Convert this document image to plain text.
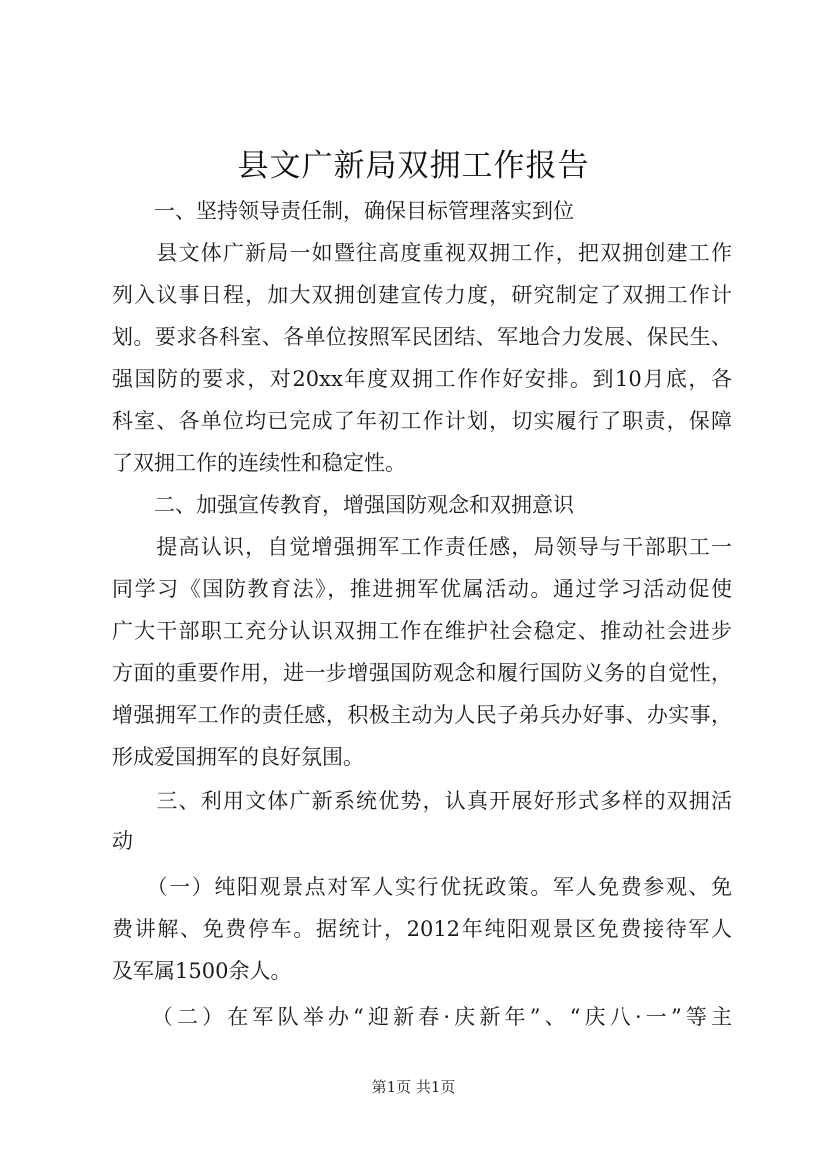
县文广新局双拥工作报告
　　一、坚持领导责任制，确保目标管理落实到位
　　县文体广新局一如暨往高度重视双拥工作，把双拥创建工作
列入议事日程，加大双拥创建宣传力度，研究制定了双拥工作计
划。要求各科室、各单位按照军民团结、军地合力发展、保民生、
强国防的要求，对20xx年度双拥工作作好安排。到10月底，各
科室、各单位均已完成了年初工作计划，切实履行了职责，保障
了双拥工作的连续性和稳定性。
　　二、加强宣传教育，增强国防观念和双拥意识
　　提高认识，自觉增强拥军工作责任感，局领导与干部职工一
同学习《国防教育法》，推进拥军优属活动。通过学习活动促使
广大干部职工充分认识双拥工作在维护社会稳定、推动社会进步
方面的重要作用，进一步增强国防观念和履行国防义务的自觉性，
增强拥军工作的责任感，积极主动为人民子弟兵办好事、办实事，
形成爱国拥军的良好氛围。
　　三、利用文体广新系统优势，认真开展好形式多样的双拥活
动
　　（一）纯阳观景点对军人实行优抚政策。军人免费参观、免
费讲解、免费停车。据统计，2012年纯阳观景区免费接待军人
及军属1500余人。
　　（二）在军队举办“迎新春·庆新年”、“庆八·一”等主
第1页 共1页
